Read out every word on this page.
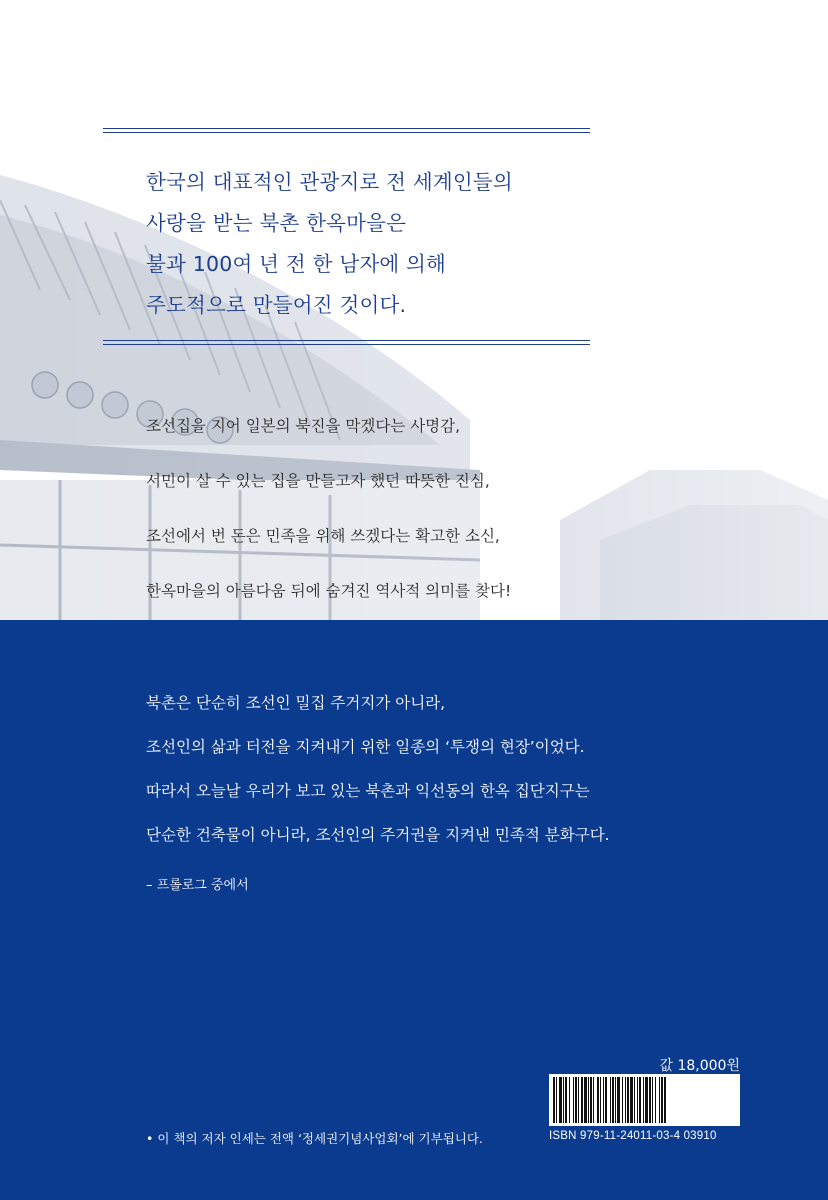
한국의 대표적인 관광지로 전 세계인들의
사랑을 받는 북촌 한옥마을은
불과 100여 년 전 한 남자에 의해
주도적으로 만들어진 것이다.

조선집을 지어 일본의 북진을 막겠다는 사명감,
서민이 살 수 있는 집을 만들고자 했던 따뜻한 진심,
조선에서 번 돈은 민족을 위해 쓰겠다는 확고한 소신,
한옥마을의 아름다움 뒤에 숨겨진 역사적 의미를 찾다!

북촌은 단순히 조선인 밀집 주거지가 아니라,
조선인의 삶과 터전을 지켜내기 위한 일종의 ‘투쟁의 현장’이었다.
따라서 오늘날 우리가 보고 있는 북촌과 익선동의 한옥 집단지구는
단순한 건축물이 아니라, 조선인의 주거권을 지켜낸 민족적 분화구다.

– 프롤로그 중에서
값 18,000원
ISBN 979-11-24011-03-4 03910
• 이 책의 저자 인세는 전액 ‘정세권기념사업회’에 기부됩니다.
